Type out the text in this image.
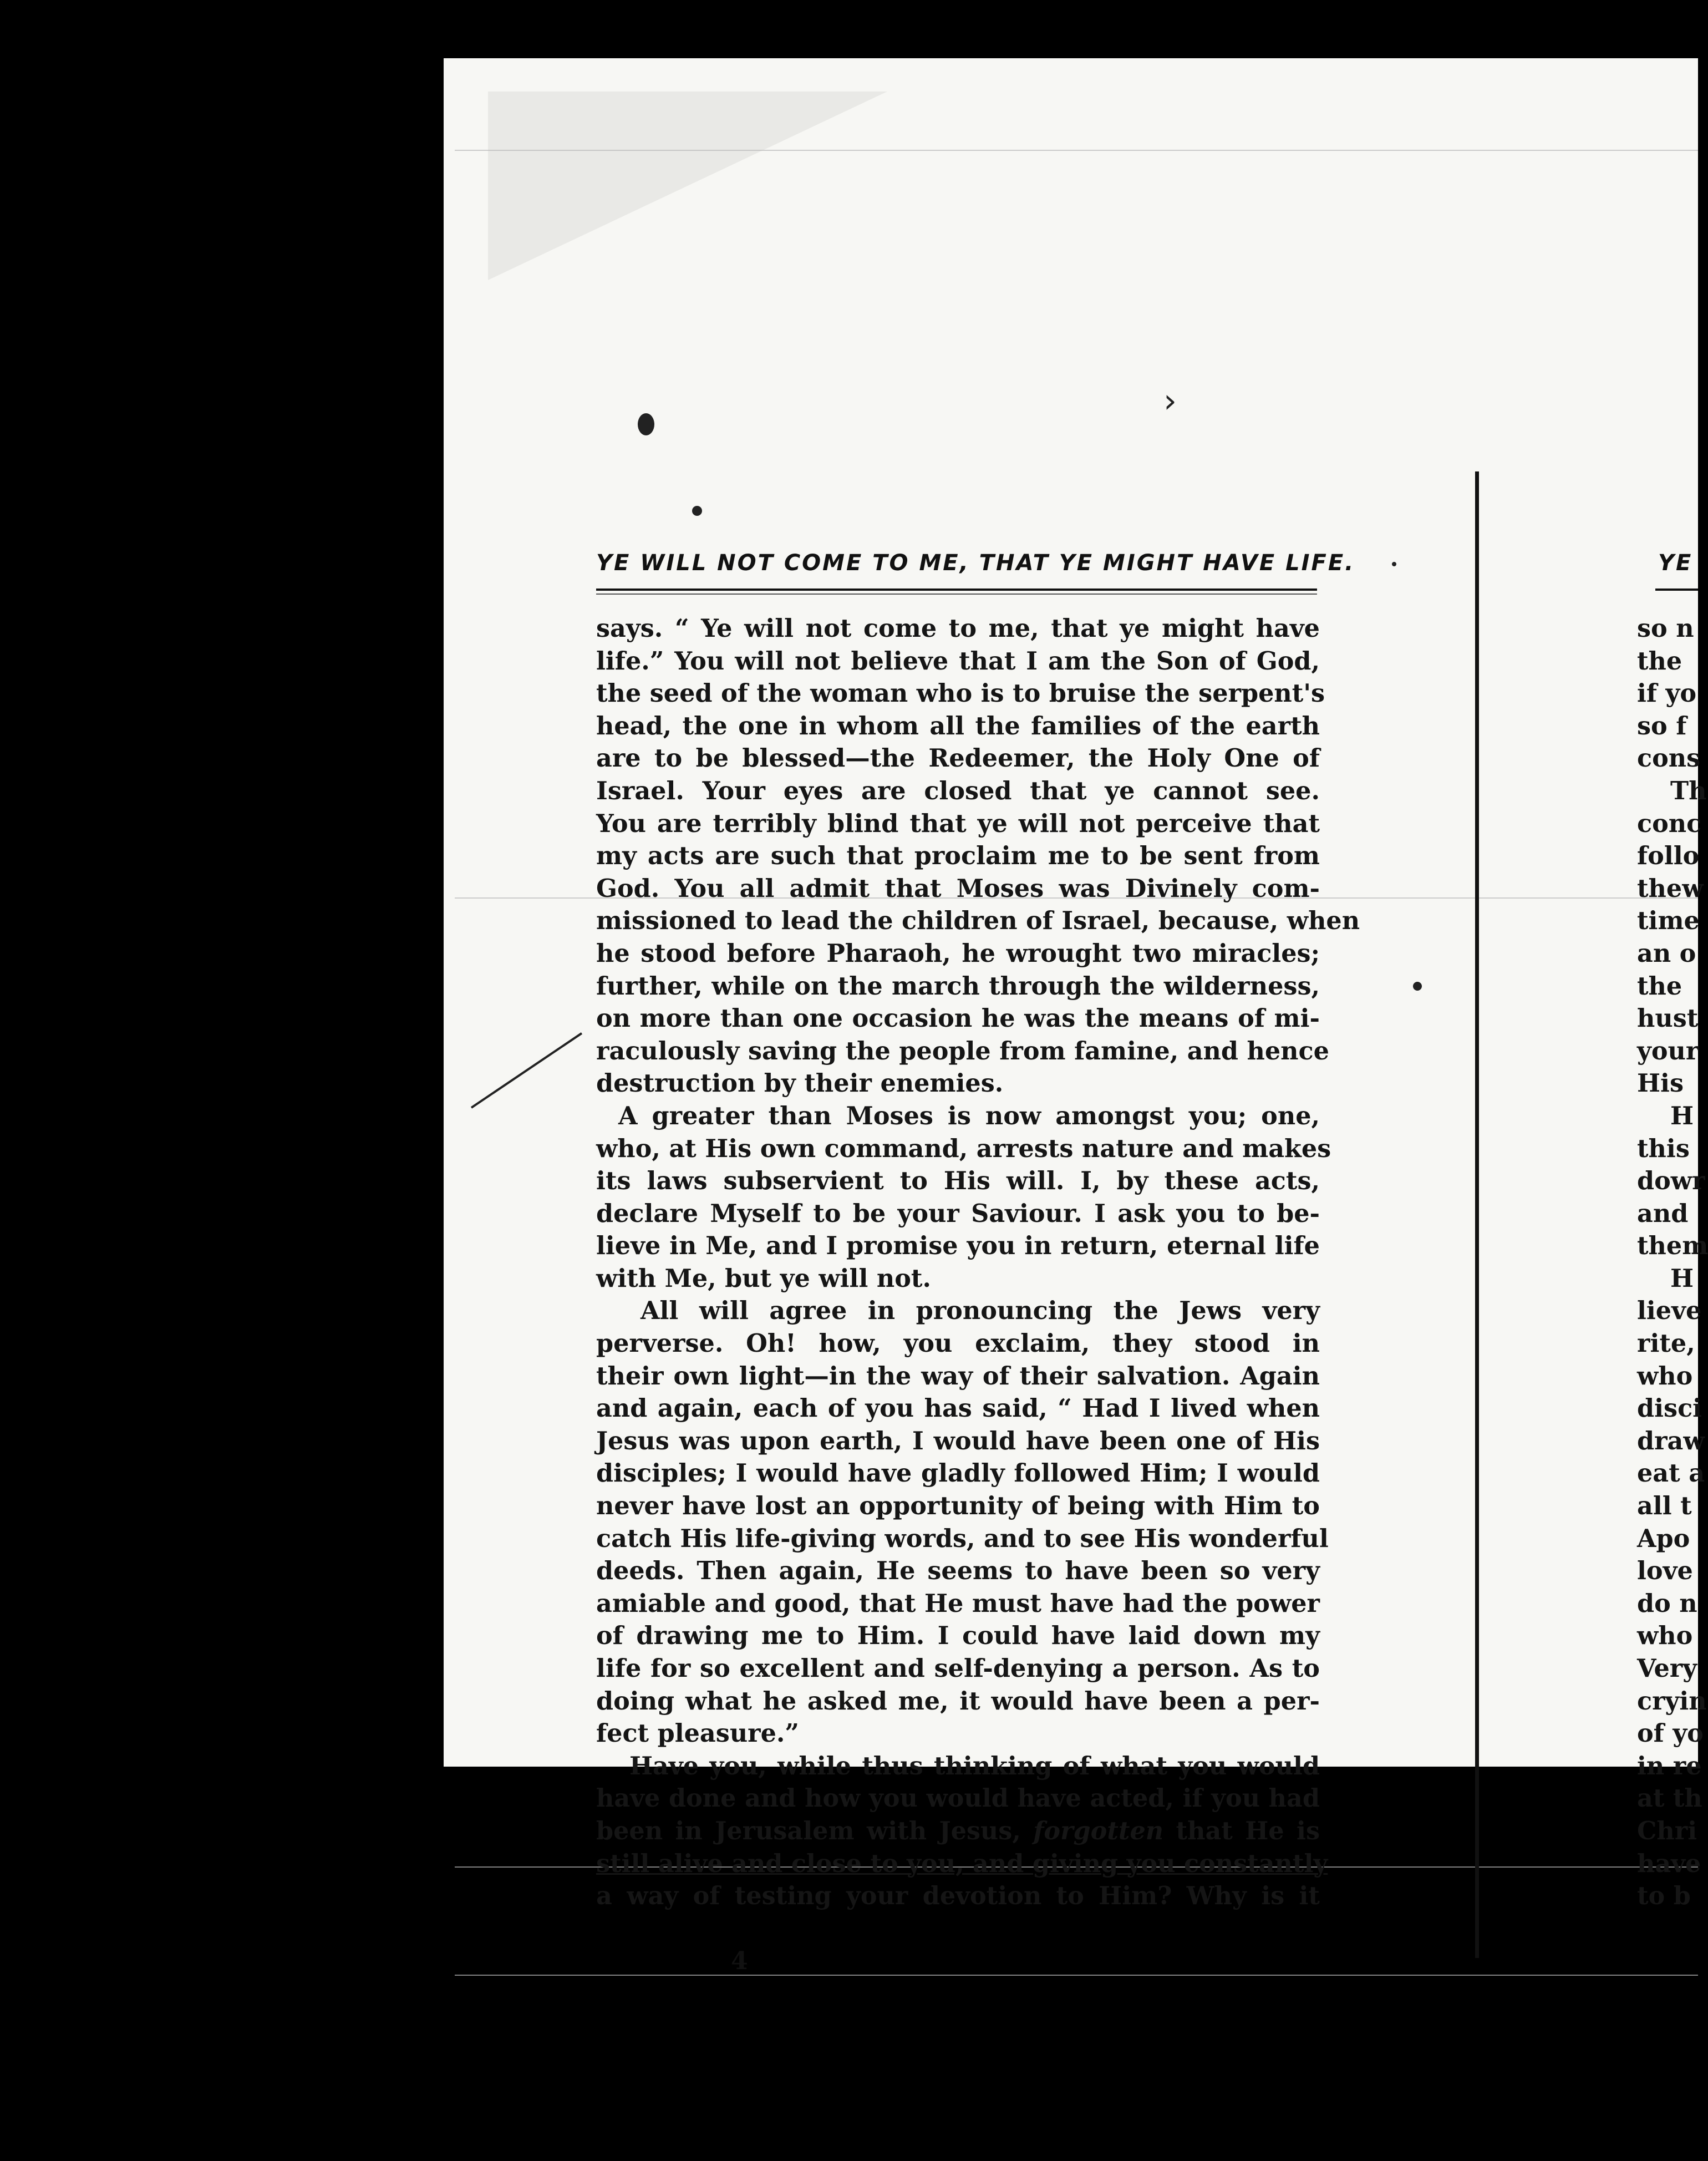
›
YE WILL NOT COME TO ME, THAT YE MIGHT HAVE LIFE.
says. “ Ye will not come to me, that ye might have
life.” You will not believe that I am the Son of God,
the seed of the woman who is to bruise the serpent's
head, the one in whom all the families of the earth
are to be blessed—the Redeemer, the Holy One of
Israel. Your eyes are closed that ye cannot see.
You are terribly blind that ye will not perceive that
my acts are such that proclaim me to be sent from
God. You all admit that Moses was Divinely com-
missioned to lead the children of Israel, because, when
he stood before Pharaoh, he wrought two miracles;
further, while on the march through the wilderness,
on more than one occasion he was the means of mi-
raculously saving the people from famine, and hence
destruction by their enemies.
A greater than Moses is now amongst you; one,
who, at His own command, arrests nature and makes
its laws subservient to His will. I, by these acts,
declare Myself to be your Saviour. I ask you to be-
lieve in Me, and I promise you in return, eternal life
with Me, but ye will not.
All will agree in pronouncing the Jews very
perverse. Oh! how, you exclaim, they stood in
their own light—in the way of their salvation. Again
and again, each of you has said, “ Had I lived when
Jesus was upon earth, I would have been one of His
disciples; I would have gladly followed Him; I would
never have lost an opportunity of being with Him to
catch His life-giving words, and to see His wonderful
deeds. Then again, He seems to have been so very
amiable and good, that He must have had the power
of drawing me to Him. I could have laid down my
life for so excellent and self-denying a person. As to
doing what he asked me, it would have been a per-
fect pleasure.”
Have you, while thus thinking of what you would
have done and how you would have acted, if you had
been in Jerusalem with Jesus, forgotten that He is
still alive and close to you, and giving you constantly
a way of testing your devotion to Him? Why is it
4
YE
so n
the
if yo
so f
cons
Th
conc
follo
thew
time
an o
the
hust
your
His
H
this
dowr
and
them
H
lieve
rite,
who
disci
draw
eat a
all t
Apo
love
do n
who
Very
cryin
of yo
in re
at th
Chri
have
to b
